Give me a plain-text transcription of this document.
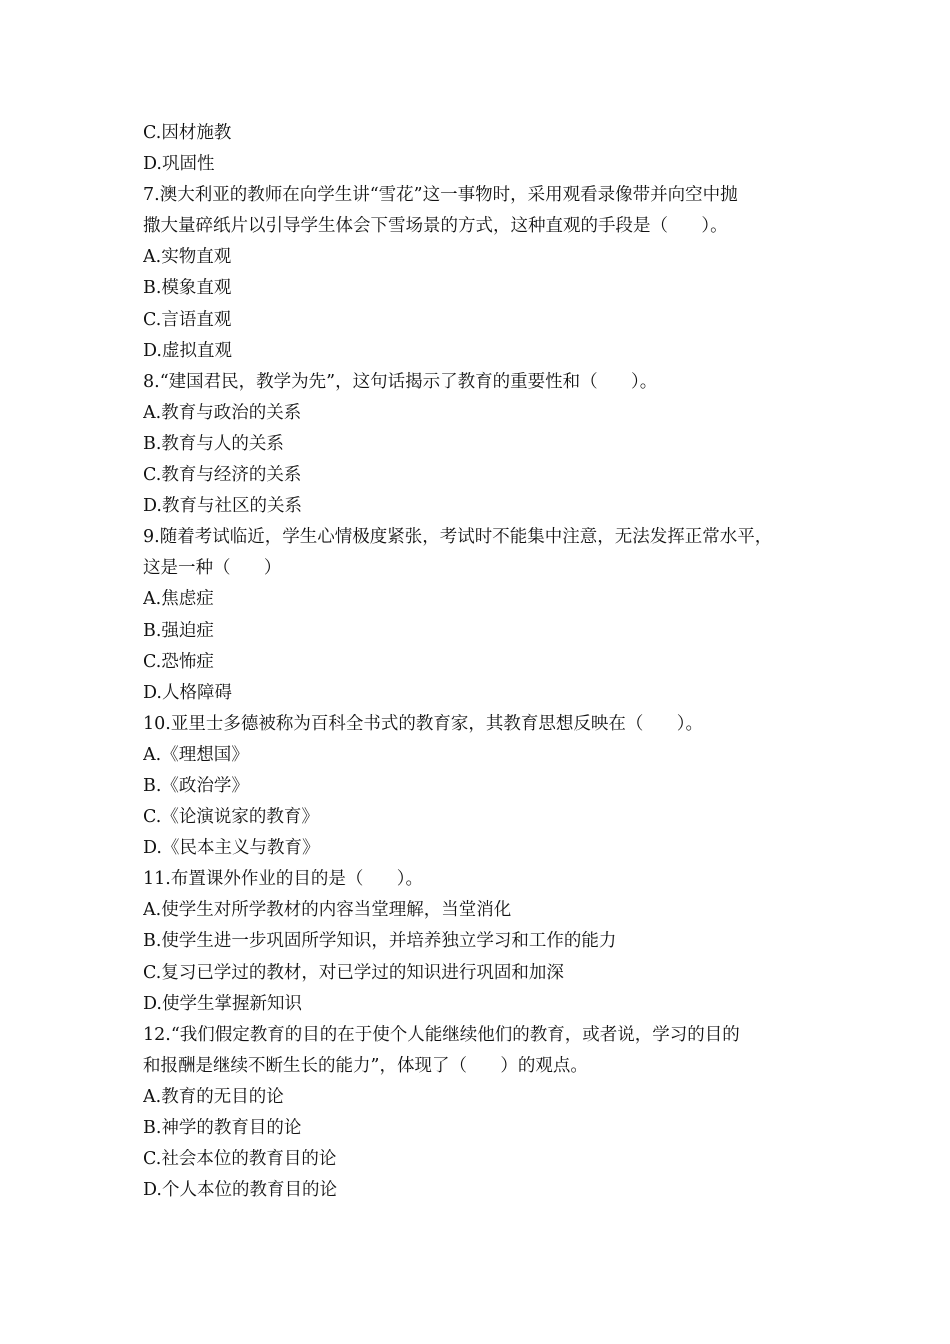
C.因材施教
D.巩固性
7.澳大利亚的教师在向学生讲“雪花”这一事物时，采用观看录像带并向空中抛
撒大量碎纸片以引导学生体会下雪场景的方式，这种直观的手段是（      ）。
A.实物直观
B.模象直观
C.言语直观
D.虚拟直观
8.“建国君民，教学为先”，这句话揭示了教育的重要性和（      ）。
A.教育与政治的关系
B.教育与人的关系
C.教育与经济的关系
D.教育与社区的关系
9.随着考试临近，学生心情极度紧张，考试时不能集中注意，无法发挥正常水平，
这是一种（      ）
A.焦虑症
B.强迫症
C.恐怖症
D.人格障碍
10.亚里士多德被称为百科全书式的教育家，其教育思想反映在（      ）。
A.《理想国》
B.《政治学》
C.《论演说家的教育》
D.《民本主义与教育》
11.布置课外作业的目的是（      ）。
A.使学生对所学教材的内容当堂理解，当堂消化
B.使学生进一步巩固所学知识，并培养独立学习和工作的能力
C.复习已学过的教材，对已学过的知识进行巩固和加深
D.使学生掌握新知识
12.“我们假定教育的目的在于使个人能继续他们的教育，或者说，学习的目的
和报酬是继续不断生长的能力”，体现了（      ）的观点。
A.教育的无目的论
B.神学的教育目的论
C.社会本位的教育目的论
D.个人本位的教育目的论
